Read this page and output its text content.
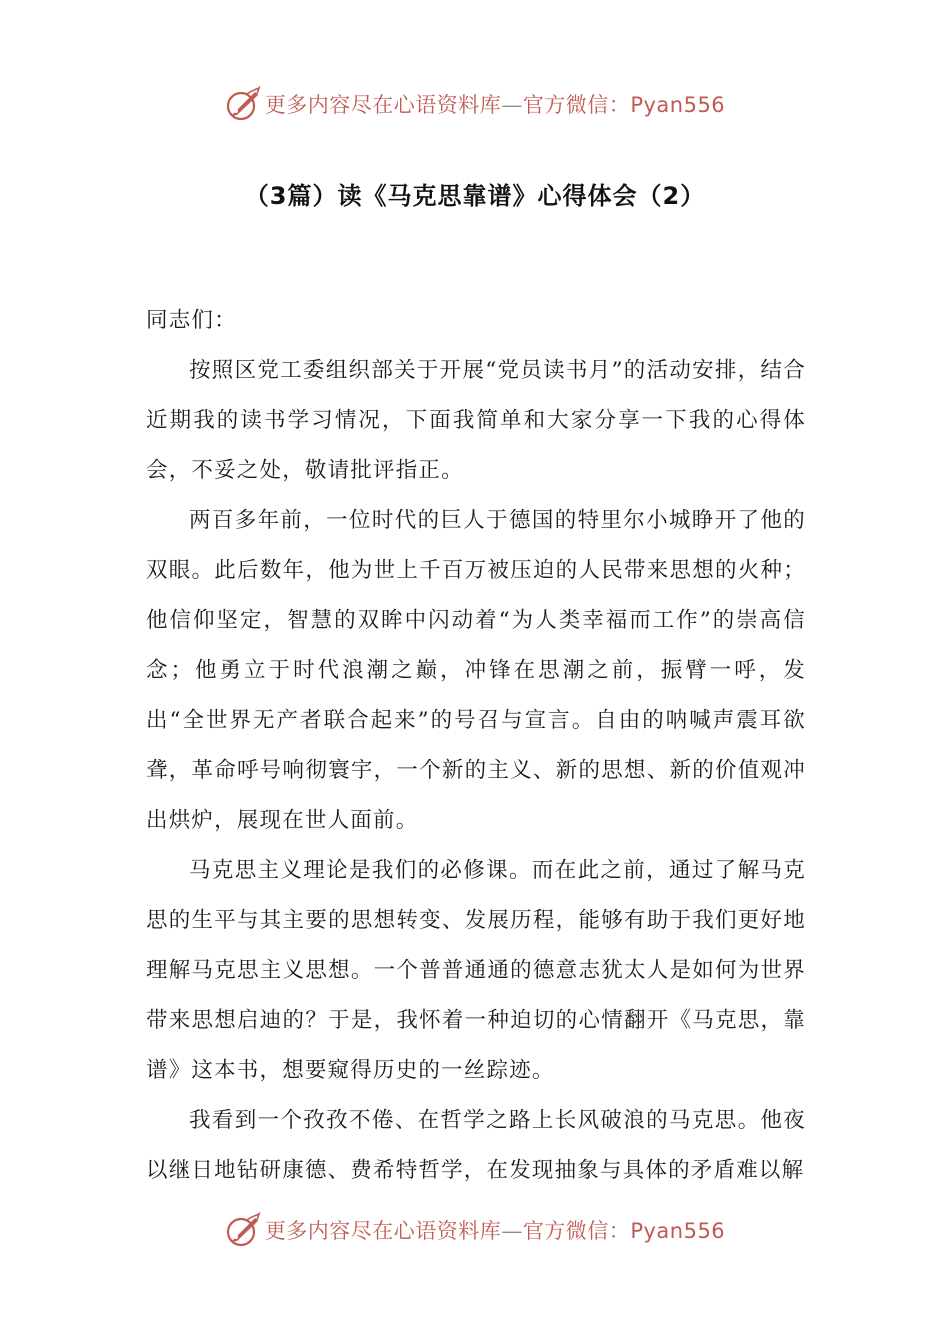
更多内容尽在心语资料库—官方微信：Pyan556
（3篇）读《马克思靠谱》心得体会（2）

同志们：

按照区党工委组织部关于开展“党员读书月”的活动安排，结合近期我的读书学习情况，下面我简单和大家分享一下我的心得体会，不妥之处，敬请批评指正。

两百多年前，一位时代的巨人于德国的特里尔小城睁开了他的双眼。此后数年，他为世上千百万被压迫的人民带来思想的火种；他信仰坚定，智慧的双眸中闪动着“为人类幸福而工作”的崇高信念；他勇立于时代浪潮之巅，冲锋在思潮之前，振臂一呼，发出“全世界无产者联合起来”的号召与宣言。自由的呐喊声震耳欲聋，革命呼号响彻寰宇，一个新的主义、新的思想、新的价值观冲出烘炉，展现在世人面前。

马克思主义理论是我们的必修课。而在此之前，通过了解马克思的生平与其主要的思想转变、发展历程，能够有助于我们更好地理解马克思主义思想。一个普普通通的德意志犹太人是如何为世界带来思想启迪的？于是，我怀着一种迫切的心情翻开《马克思，靠谱》这本书，想要窥得历史的一丝踪迹。

我看到一个孜孜不倦、在哲学之路上长风破浪的马克思。他夜以继日地钻研康德、费希特哲学，在发现抽象与具体的矛盾难以解

更多内容尽在心语资料库—官方微信：Pyan556
